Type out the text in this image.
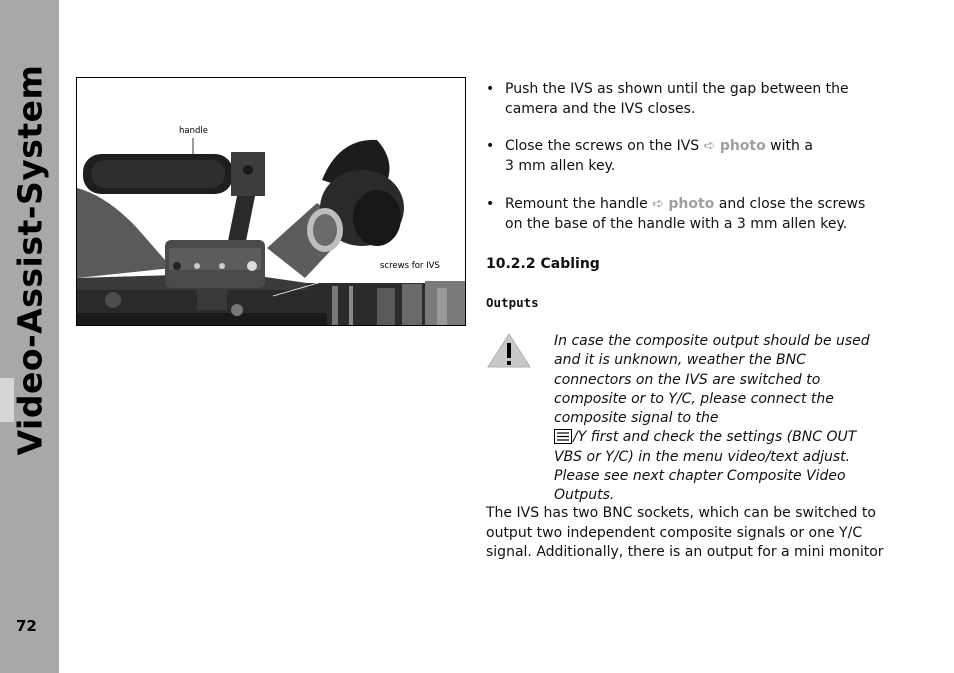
Video-Assist-System
72
handle
screws for IVS
• Push the IVS as shown until the gap between the camera and the IVS closes.
• Close the screws on the IVS ➪ photo with a
3 mm allen key.
• Remount the handle ➪ photo and close the screws on the base of the handle with a 3 mm allen key.
10.2.2 Cabling
Outputs
In case the composite output should be used and it is unknown, weather the BNC connectors on the IVS are switched to composite or to Y/C, please connect the composite signal to the
/Y first and check the settings (BNC OUT VBS or Y/C) in the menu video/text adjust. Please see next chapter Composite Video Outputs.
The IVS has two BNC sockets, which can be switched to output two independent composite signals or one Y/C signal. Additionally, there is an output for a mini monitor
